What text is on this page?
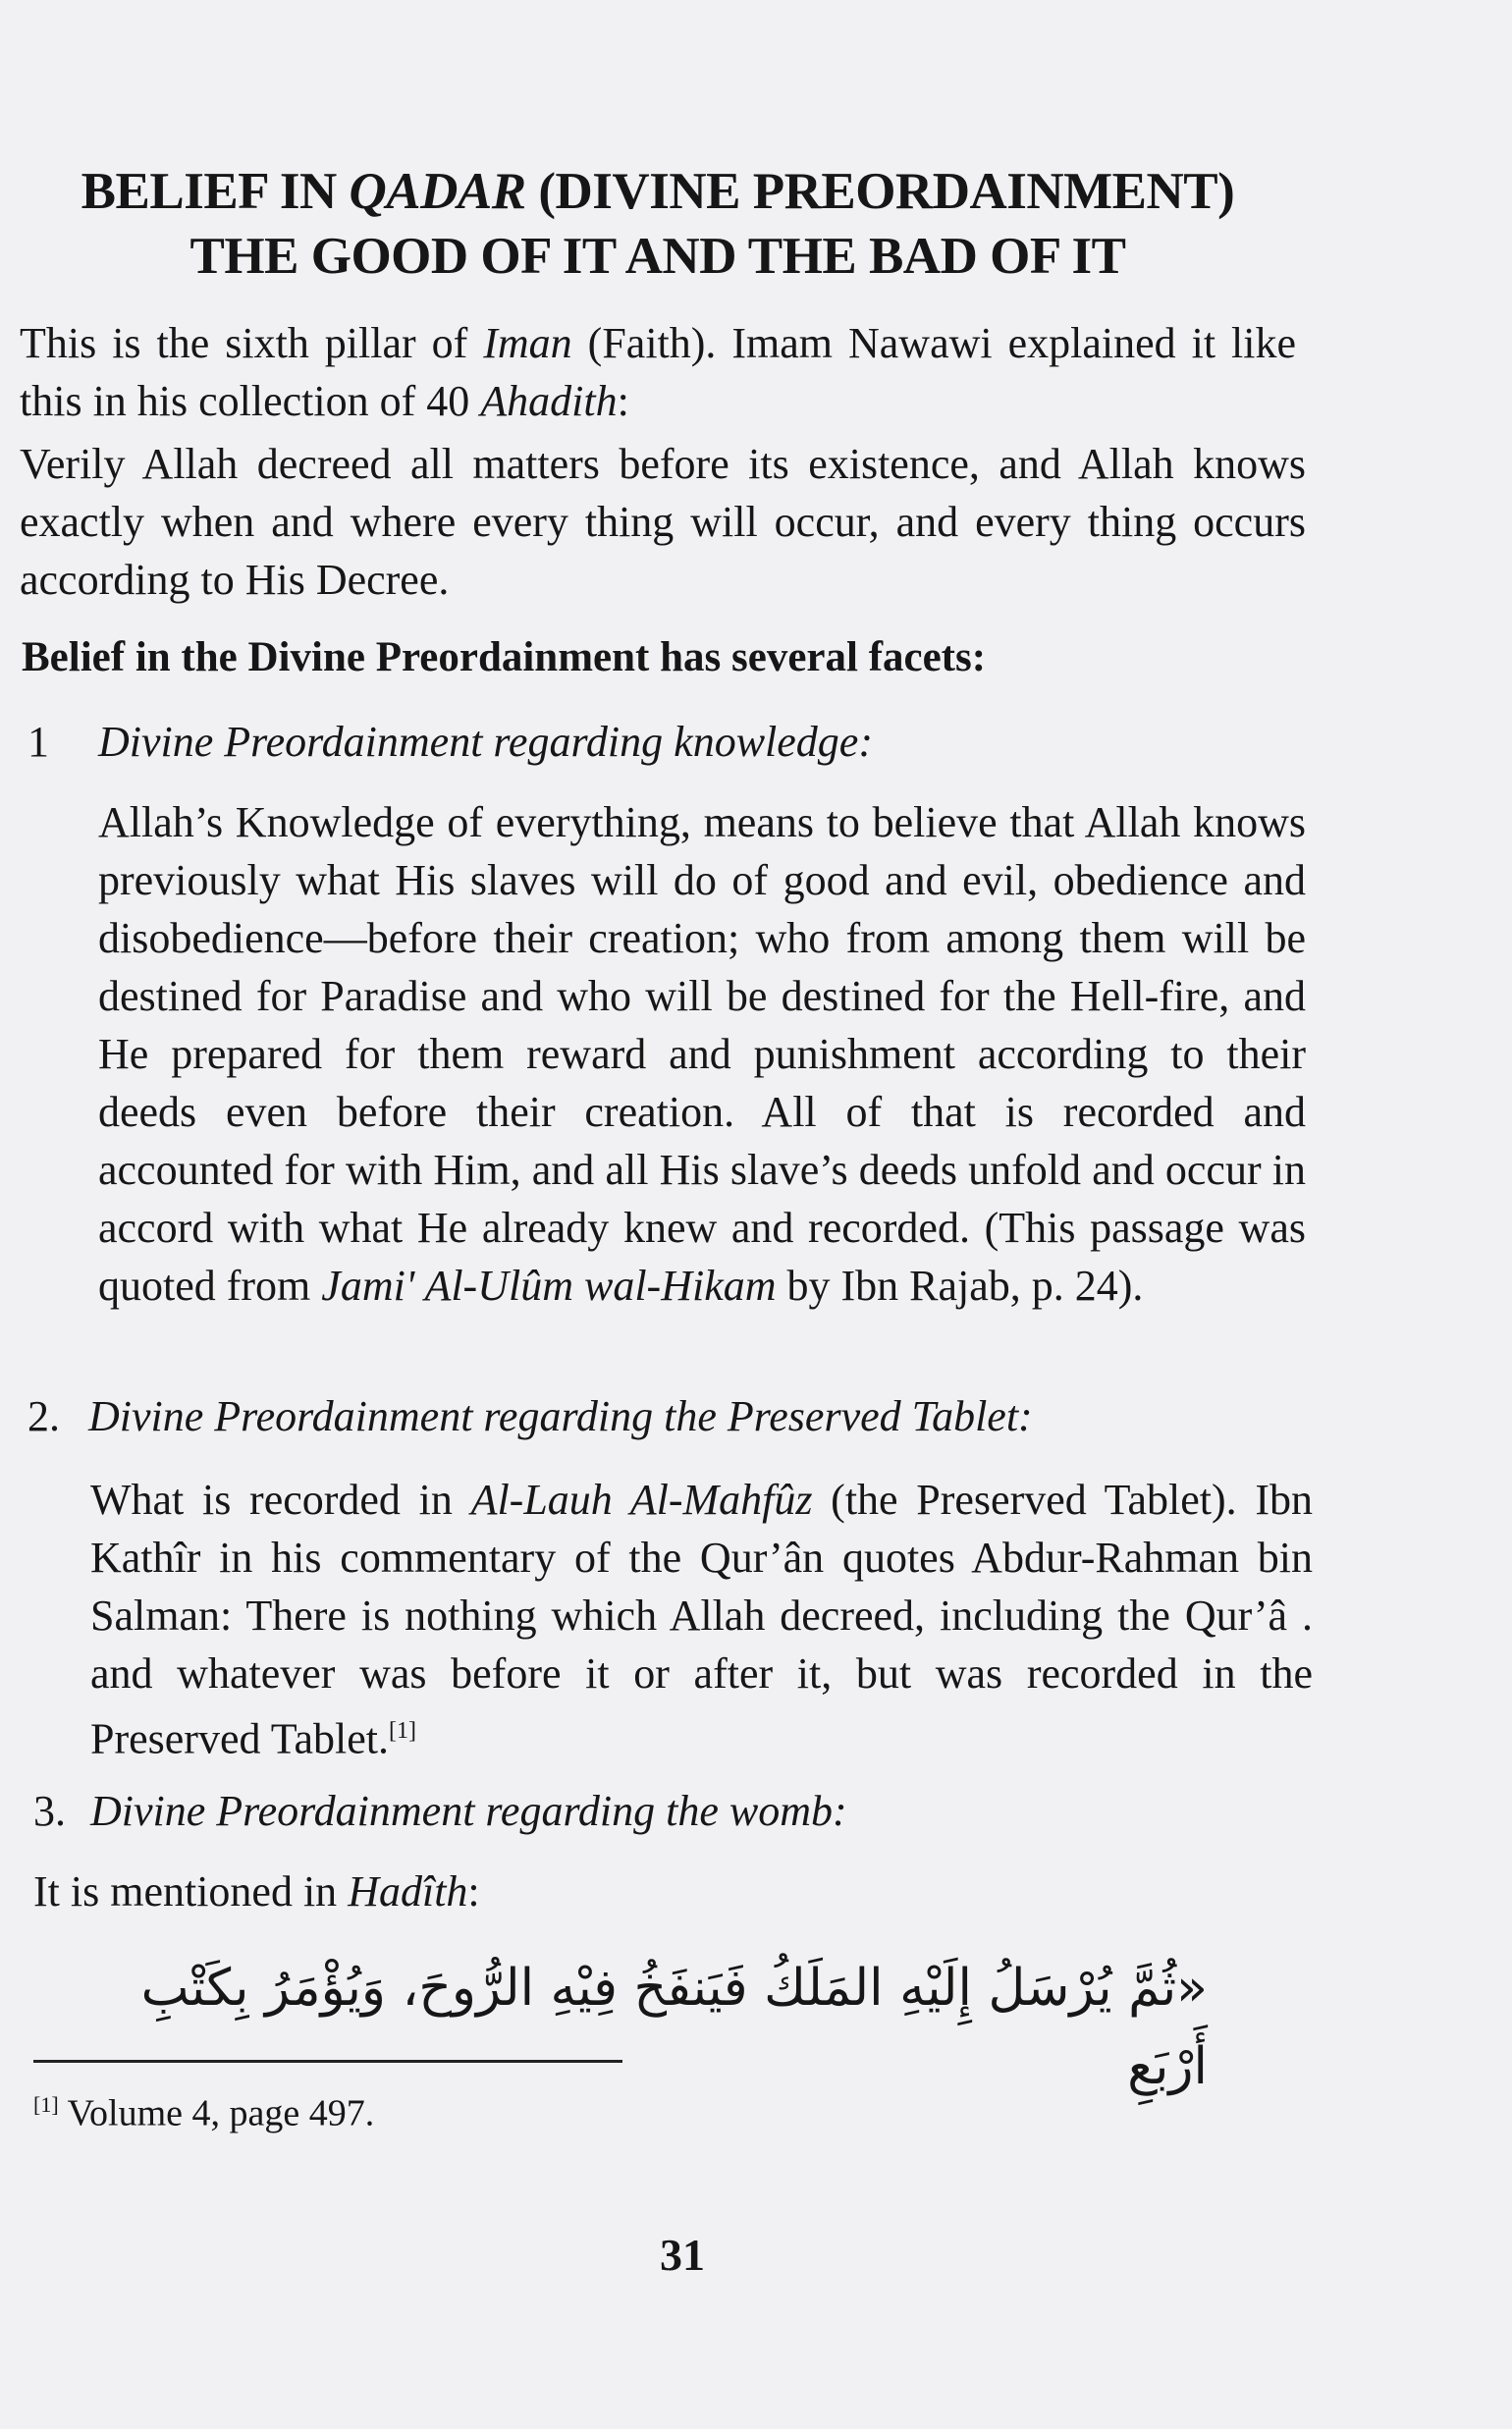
BELIEF IN QADAR (DIVINE PREORDAINMENT)
THE GOOD OF IT AND THE BAD OF IT
This is the sixth pillar of Iman (Faith). Imam Nawawi explained it like this in his collection of 40 Ahadith:
Verily Allah decreed all matters before its existence, and Allah knows exactly when and where every thing will occur, and every thing occurs according to His Decree.
Belief in the Divine Preordainment has several facets:
1 Divine Preordainment regarding knowledge:
Allah’s Knowledge of everything, means to believe that Allah knows previously what His slaves will do of good and evil, obedience and disobedience—before their creation; who from among them will be destined for Paradise and who will be destined for the Hell-fire, and He prepared for them reward and punishment according to their deeds even before their creation. All of that is recorded and accounted for with Him, and all His slave’s deeds unfold and occur in accord with what He already knew and recorded. (This passage was quoted from Jami' Al-Ulûm wal-Hikam by Ibn Rajab, p. 24).
2. Divine Preordainment regarding the Preserved Tablet:
What is recorded in Al-Lauh Al-Mahfûz (the Preserved Tablet). Ibn Kathîr in his commentary of the Qur’ân quotes Abdur-Rahman bin Salman: There is nothing which Allah decreed, including the Qur’â . and whatever was before it or after it, but was recorded in the Preserved Tablet.[1]
3. Divine Preordainment regarding the womb:
It is mentioned in Hadîth:
«ثُمَّ يُرْسَلُ إِلَيْهِ المَلَكُ فَيَنفَخُ فِيْهِ الرُّوحَ، وَيُؤْمَرُ بِكَتْبِ أَرْبَعِ
[1] Volume 4, page 497.
31
